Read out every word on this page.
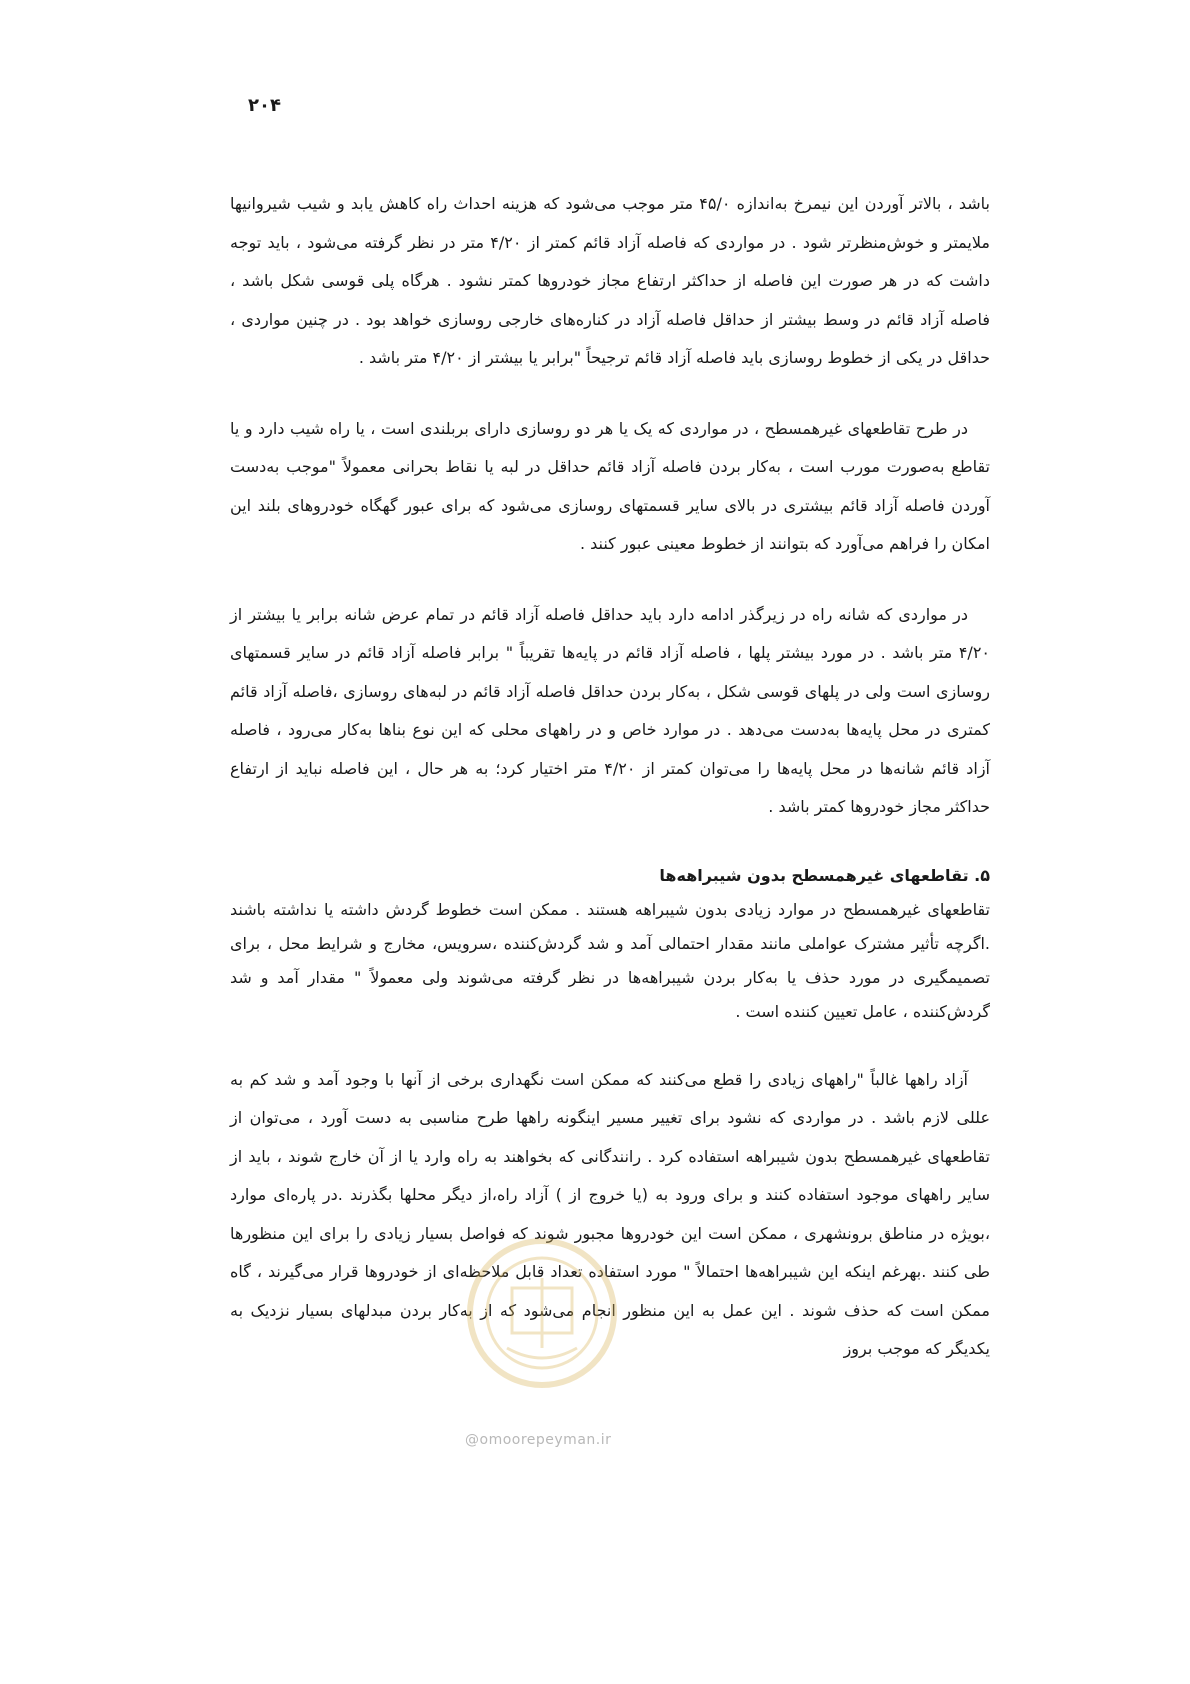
۲۰۴

باشد ، بالاتر آوردن این نیمرخ به‌اندازه ۴۵/۰ متر موجب می‌شود که هزینه احداث راه کاهش یابد و شیب شیروانیها ملایمتر و خوش‌منظرتر شود . در مواردی که فاصله آزاد قائم کمتر از ۴/۲۰ متر در نظر گرفته می‌شود ، باید توجه داشت که در هر صورت این فاصله از حداکثر ارتفاع مجاز خودروها کمتر نشود . هرگاه پلی قوسی شکل باشد ، فاصله آزاد قائم در وسط بیشتر از حداقل فاصله آزاد در کناره‌های خارجی روسازی خواهد بود . در چنین مواردی ، حداقل در یکی از خطوط روسازی باید فاصله آزاد قائم ترجیحاً "برابر یا بیشتر از ۴/۲۰ متر باشد .

در طرح تقاطعهای غیرهمسطح ، در مواردی که یک یا هر دو روسازی دارای بربلندی است ، یا راه شیب دارد و یا تقاطع به‌صورت مورب است ، به‌کار بردن فاصله آزاد قائم حداقل در لبه یا نقاط بحرانی معمولاً "موجب به‌دست آوردن فاصله آزاد قائم بیشتری در بالای سایر قسمتهای روسازی می‌شود که برای عبور گهگاه خودروهای بلند این امکان را فراهم می‌آورد که بتوانند از خطوط معینی عبور کنند .

در مواردی که شانه راه در زیرگذر ادامه دارد باید حداقل فاصله آزاد قائم در تمام عرض شانه برابر یا بیشتر از ۴/۲۰ متر باشد . در مورد بیشتر پلها ، فاصله آزاد قائم در پایه‌ها تقریباً " برابر فاصله آزاد قائم در سایر قسمتهای روسازی است ولی در پلهای قوسی شکل ، به‌کار بردن حداقل فاصله آزاد قائم در لبه‌های روسازی ،فاصله آزاد قائم کمتری در محل پایه‌ها به‌دست می‌دهد . در موارد خاص و در راههای محلی که این نوع بناها به‌کار می‌رود ، فاصله آزاد قائم شانه‌ها در محل پایه‌ها را می‌توان کمتر از ۴/۲۰ متر اختیار کرد؛ به هر حال ، این فاصله نباید از ارتفاع حداکثر مجاز خودروها کمتر باشد .

۵. تقاطعهای غیرهمسطح بدون شیبراهه‌ها

تقاطعهای غیرهمسطح در موارد زیادی بدون شیبراهه هستند . ممکن است خطوط گردش داشته یا نداشته باشند .اگرچه تأثیر مشترک عواملی مانند مقدار احتمالی آمد و شد گردش‌کننده ،سرویس، مخارج و شرایط محل ، برای تصمیمگیری در مورد حذف یا به‌کار بردن شیبراهه‌ها در نظر گرفته می‌شوند ولی معمولاً " مقدار آمد و شد گردش‌کننده ، عامل تعیین کننده است .

آزاد راهها غالباً "راههای زیادی را قطع می‌کنند که ممکن است نگهداری برخی از آنها با وجود آمد و شد کم به عللی لازم باشد . در مواردی که نشود برای تغییر مسیر اینگونه راهها طرح مناسبی به دست آورد ، می‌توان از تقاطعهای غیرهمسطح بدون شیبراهه استفاده کرد . رانندگانی که بخواهند به راه وارد یا از آن خارج شوند ، باید از سایر راههای موجود استفاده کنند و برای ورود به (یا خروج از ) آزاد راه،از دیگر محلها بگذرند .در پاره‌ای موارد ،بویژه در مناطق برونشهری ، ممکن است این خودروها مجبور شوند که فواصل بسیار زیادی را برای این منظورها طی کنند .بهرغم اینکه این شیبراهه‌ها احتمالاً " مورد استفاده تعداد قابل ملاحظه‌ای از خودروها قرار می‌گیرند ، گاه ممکن است که حذف شوند . این عمل به این منظور انجام می‌شود که از به‌کار بردن مبدلهای بسیار نزدیک به یکدیگر که موجب بروز

@omoorepeyman.ir
